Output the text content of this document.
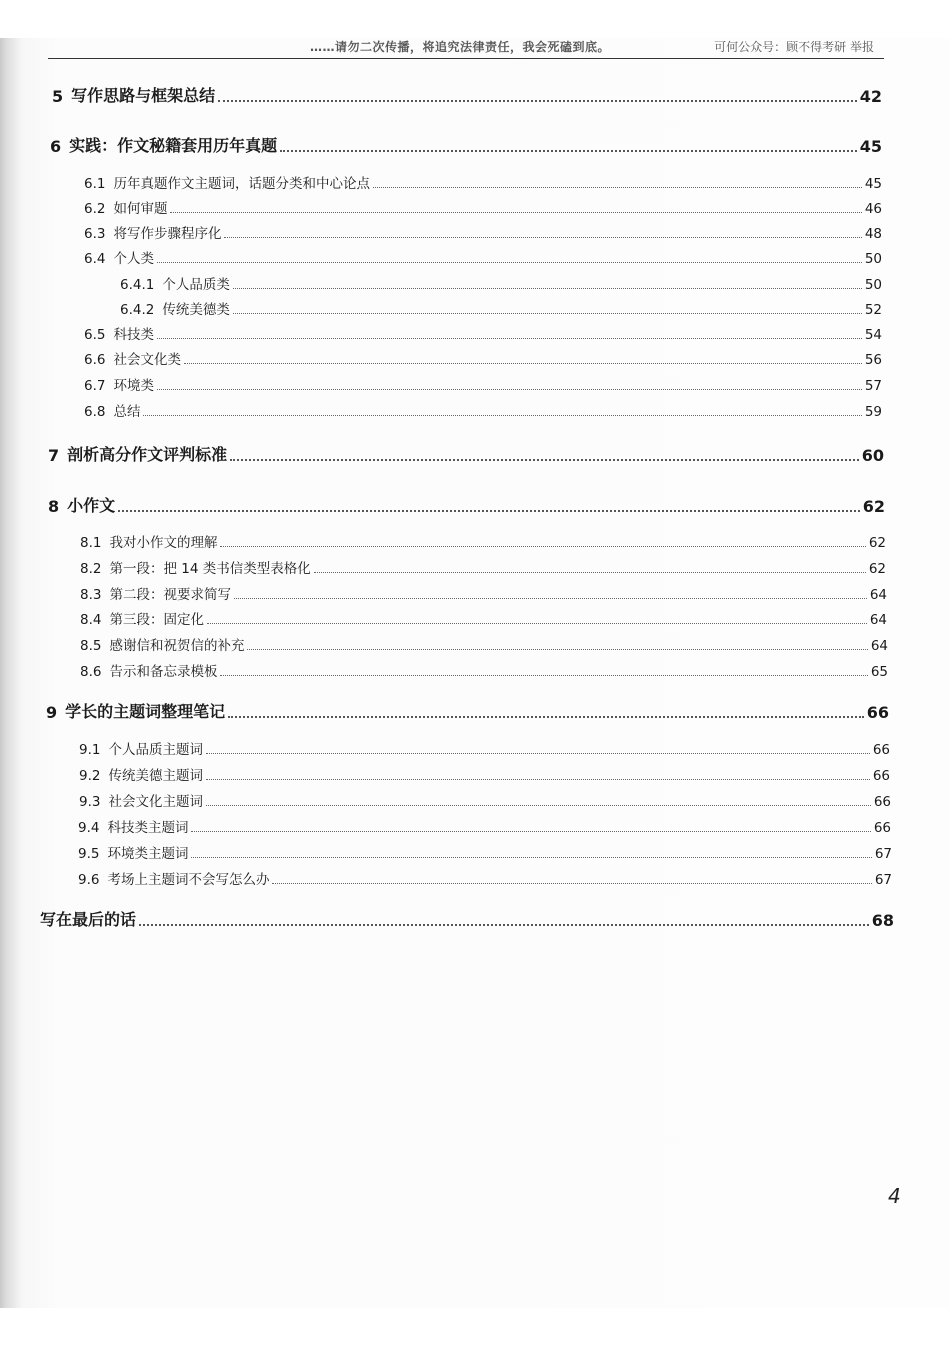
……请勿二次传播，将追究法律责任，我会死磕到底。	可何公众号：顾不得考研 举报
5 写作思路与框架总结	42
6 实践：作文秘籍套用历年真题	45
6.1 历年真题作文主题词，话题分类和中心论点	45
6.2 如何审题	46
6.3 将写作步骤程序化	48
6.4 个人类	50
6.4.1 个人品质类	50
6.4.2 传统美德类	52
6.5 科技类	54
6.6 社会文化类	56
6.7 环境类	57
6.8 总结	59
7 剖析高分作文评判标准	60
8 小作文	62
8.1 我对小作文的理解	62
8.2 第一段：把 14 类书信类型表格化	62
8.3 第二段：视要求简写	64
8.4 第三段：固定化	64
8.5 感谢信和祝贺信的补充	64
8.6 告示和备忘录模板	65
9 学长的主题词整理笔记	66
9.1 个人品质主题词	66
9.2 传统美德主题词	66
9.3 社会文化主题词	66
9.4 科技类主题词	66
9.5 环境类主题词	67
9.6 考场上主题词不会写怎么办	67
写在最后的话	68
4
